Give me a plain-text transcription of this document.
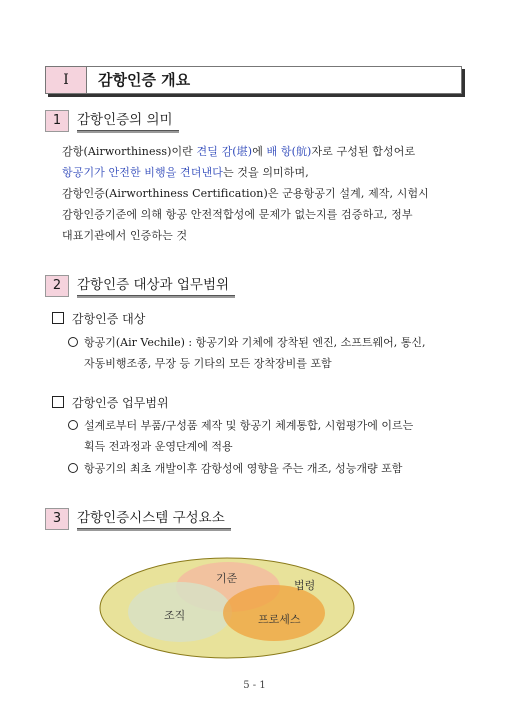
Ⅰ	감항인증 개요
1	감항인증의 의미
감항(Airworthiness)이란 견딜 감(堪)에 배 항(航)자로 구성된 합성어로
항공기가 안전한 비행을 견뎌낸다는 것을 의미하며,
감항인증(Airworthiness Certification)은 군용항공기 설계, 제작, 시험시
감항인증기준에 의해 항공 안전적합성에 문제가 없는지를 검증하고, 정부
대표기관에서 인증하는 것
2	감항인증 대상과 업무범위
감항인증 대상
항공기(Air Vechile) : 항공기와 기체에 장착된 엔진, 소프트웨어, 통신,
자동비행조종, 무장 등 기타의 모든 장착장비를 포함
감항인증 업무범위
설계로부터 부품/구성품 제작 및 항공기 체계통합, 시험평가에 이르는
획득 전과정과 운영단계에 적용
항공기의 최초 개발이후 감항성에 영향을 주는 개조, 성능개량 포함
3	감항인증시스템 구성요소
기준
법령
조직	프로세스
5 - 1
